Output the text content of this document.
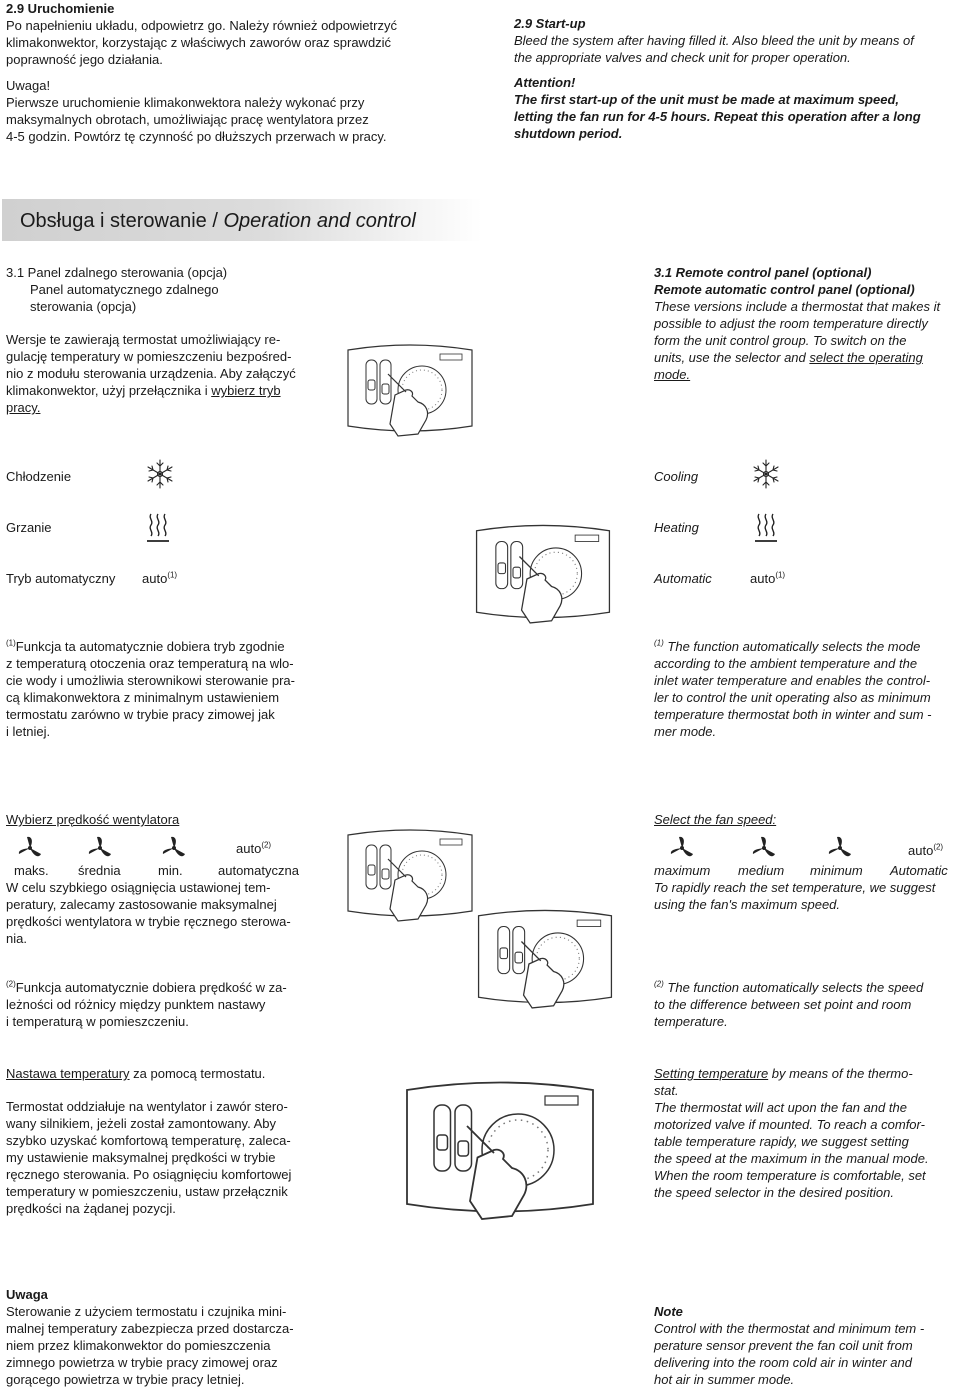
2.9 Uruchomienie

Po napełnieniu układu, odpowietrz go. Należy również odpowietrzyć

klimakonwektor, korzystając z właściwych zaworów oraz sprawdzić

poprawność jego działania.

Uwaga!

Pierwsze uruchomienie klimakonwektora należy wykonać przy

maksymalnych obrotach, umożliwiając pracę wentylatora przez

4-5 godzin. Powtórz tę czynność po dłuższych przerwach w pracy.

2.9 Start-up

Bleed the system after having filled it. Also bleed the unit by means of

the appropriate valves and check unit for proper operation.

Attention!

The first start-up of the unit must be made at maximum speed,

letting the fan run for 4-5 hours. Repeat this operation after a long

shutdown period.

Obsługa i sterowanie / Operation and control

3.1 Panel zdalnego sterowania (opcja)

Panel automatycznego zdalnego

sterowania (opcja)

Wersje te zawierają termostat umożliwiający re-

gulację temperatury w pomieszczeniu bezpośred-

nio z modułu sterowania urządzenia. Aby załączyć

klimakonwektor, użyj przełącznika i wybierz tryb

pracy.

3.1 Remote control panel (optional)

Remote automatic control panel (optional)

These versions include a thermostat that makes it

possible to adjust the room temperature directly

form the unit control group. To switch on the

units, use the selector and select the operating

mode.

Chłodzenie
Grzanie
Tryb automatyczny auto$^{(1)}$
Cooling
Heating
Automatic	auto$^{(1)}$

$^{(1)}$Funkcja ta automatycznie dobiera tryb zgodnie

z temperaturą otoczenia oraz temperaturą na wlo-

cie wody i umożliwia sterownikowi sterowanie pra-

cą klimakonwektora z minimalnym ustawieniem

termostatu zarówno w trybie pracy zimowej jak

i letniej.

$^{(1)}$ The function automatically selects the mode

according to the ambient temperature and the

inlet water temperature and enables the control-

ler to control the unit operating also as minimum

temperature thermostat both in winter and sum -

mer mode.

Wybierz prędkość wentylatora
auto$^{(2)}$
maks. średnia	min.	automatyczna

W celu szybkiego osiągnięcia ustawionej tem-

peratury, zalecamy zastosowanie maksymalnej

prędkości wentylatora w trybie ręcznego sterowa-

nia.

Select the fan speed:
auto$^{(2)}$
maximum medium minimum Automatic

To rapidly reach the set temperature, we suggest

using the fan's maximum speed.

$^{(2)}$Funkcja automatycznie dobiera prędkość w za-

leżności od różnicy między punktem nastawy

i temperaturą w pomieszczeniu.

$^{(2)}$ The function automatically selects the speed

to the difference between set point and room

temperature.

Nastawa temperatury za pomocą termostatu.

Termostat oddziałuje na wentylator i zawór stero-

wany silnikiem, jeżeli został zamontowany. Aby

szybko uzyskać komfortową temperaturę, zaleca-

my ustawienie maksymalnej prędkości w trybie

ręcznego sterowania. Po osiągnięciu komfortowej

temperatury w pomieszczeniu, ustaw przełącznik

prędkości na żądanej pozycji.

Setting temperature by means of the thermo-

stat.

The thermostat will act upon the fan and the

motorized valve if mounted. To reach a comfor-

table temperature rapidy, we suggest setting

the speed at the maximum in the manual mode.

When the room temperature is comfortable, set

the speed selector in the desired position.

Uwaga

Sterowanie z użyciem termostatu i czujnika mini-

malnej temperatury zabezpiecza przed dostarcza-

niem przez klimakonwektor do pomieszczenia

zimnego powietrza w trybie pracy zimowej oraz

gorącego powietrza w trybie pracy letniej.

Note

Control with the thermostat and minimum tem -

perature sensor prevent the fan coil unit from

delivering into the room cold air in winter and

hot air in summer mode.
